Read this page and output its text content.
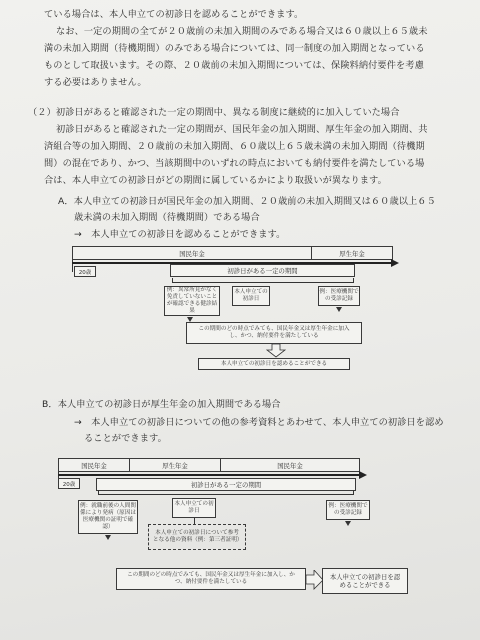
ている場合は、本人申立ての初診日を認めることができます。
なお、一定の期間の全てが２０歳前の未加入期間のみである場合又は６０歳以上６５歳未
満の未加入期間（待機期間）のみである場合については、同一制度の加入期間となっている
ものとして取扱います。その際、２０歳前の未加入期間については、保険料納付要件を考慮
する必要はありません。
（２）初診日があると確認された一定の期間中、異なる制度に継続的に加入していた場合
初診日があると確認された一定の期間が、国民年金の加入期間、厚生年金の加入期間、共
済組合等の加入期間、２０歳前の未加入期間、６０歳以上６５歳未満の未加入期間（待機期
間）の混在であり、かつ、当該期間中のいずれの時点においても納付要件を満たしている場
合は、本人申立ての初診日がどの期間に属しているかにより取扱いが異なります。
A．本人申立ての初診日が国民年金の加入期間、２０歳前の未加入期間又は６０歳以上６５
歳未満の未加入期間（待機期間）である場合
→　本人申立ての初診日を認めることができます。
国民年金	厚生年金
20歳	初診日がある一定の期間
例：異常所見がなく免責していないことが確認できる健診結果
本人申立ての初診日
例：医療機関での受診記録
この期間のどの時点でみても、国民年金又は厚生年金に加入し、かつ、納付要件を満たしている
本人申立ての初診日を認めることができる
B．本人申立ての初診日が厚生年金の加入期間である場合
→　本人申立ての初診日についての他の参考資料とあわせて、本人申立ての初診日を認め
ることができます。
国民年金	厚生年金	国民年金
20歳	初診日がある一定の期間
例：就職前後の人間関係により発病（原因は医療機関の証明で確認）
本人申立ての初診日
例：医療機関での受診記録
本人申立ての初診日について参考となる他の資料（例：第三者証明）
この期間のどの時点でみても、国民年金又は厚生年金に加入し、かつ、納付要件を満たしている
本人申立ての初診日を認めることができる
